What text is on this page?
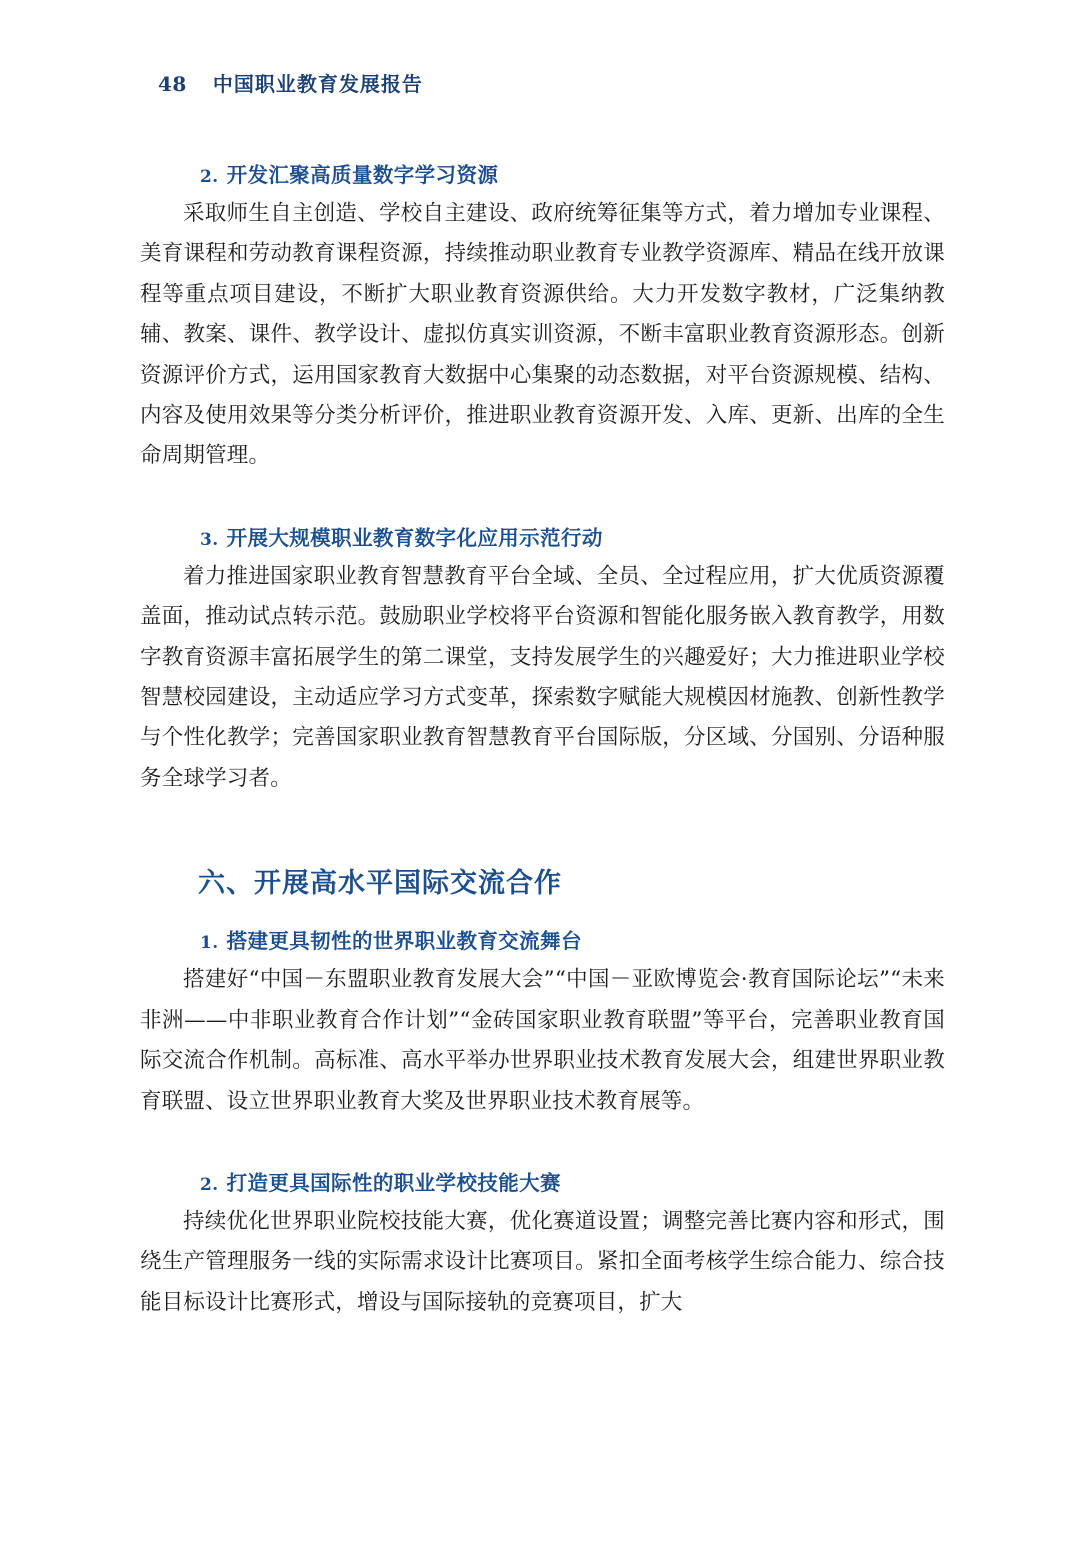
48 中国职业教育发展报告
2. 开发汇聚高质量数字学习资源

采取师生自主创造、学校自主建设、政府统筹征集等方式，着力增加专业课程、美育课程和劳动教育课程资源，持续推动职业教育专业教学资源库、精品在线开放课程等重点项目建设，不断扩大职业教育资源供给。大力开发数字教材，广泛集纳教辅、教案、课件、教学设计、虚拟仿真实训资源，不断丰富职业教育资源形态。创新资源评价方式，运用国家教育大数据中心集聚的动态数据，对平台资源规模、结构、内容及使用效果等分类分析评价，推进职业教育资源开发、入库、更新、出库的全生命周期管理。

3. 开展大规模职业教育数字化应用示范行动

着力推进国家职业教育智慧教育平台全域、全员、全过程应用，扩大优质资源覆盖面，推动试点转示范。鼓励职业学校将平台资源和智能化服务嵌入教育教学，用数字教育资源丰富拓展学生的第二课堂，支持发展学生的兴趣爱好；大力推进职业学校智慧校园建设，主动适应学习方式变革，探索数字赋能大规模因材施教、创新性教学与个性化教学；完善国家职业教育智慧教育平台国际版，分区域、分国别、分语种服务全球学习者。

六、开展高水平国际交流合作
1. 搭建更具韧性的世界职业教育交流舞台

搭建好“中国－东盟职业教育发展大会”“中国－亚欧博览会·教育国际论坛”“未来非洲——中非职业教育合作计划”“金砖国家职业教育联盟”等平台，完善职业教育国际交流合作机制。高标准、高水平举办世界职业技术教育发展大会，组建世界职业教育联盟、设立世界职业教育大奖及世界职业技术教育展等。

2. 打造更具国际性的职业学校技能大赛

持续优化世界职业院校技能大赛，优化赛道设置；调整完善比赛内容和形式，围绕生产管理服务一线的实际需求设计比赛项目。紧扣全面考核学生综合能力、综合技能目标设计比赛形式，增设与国际接轨的竞赛项目，扩大
